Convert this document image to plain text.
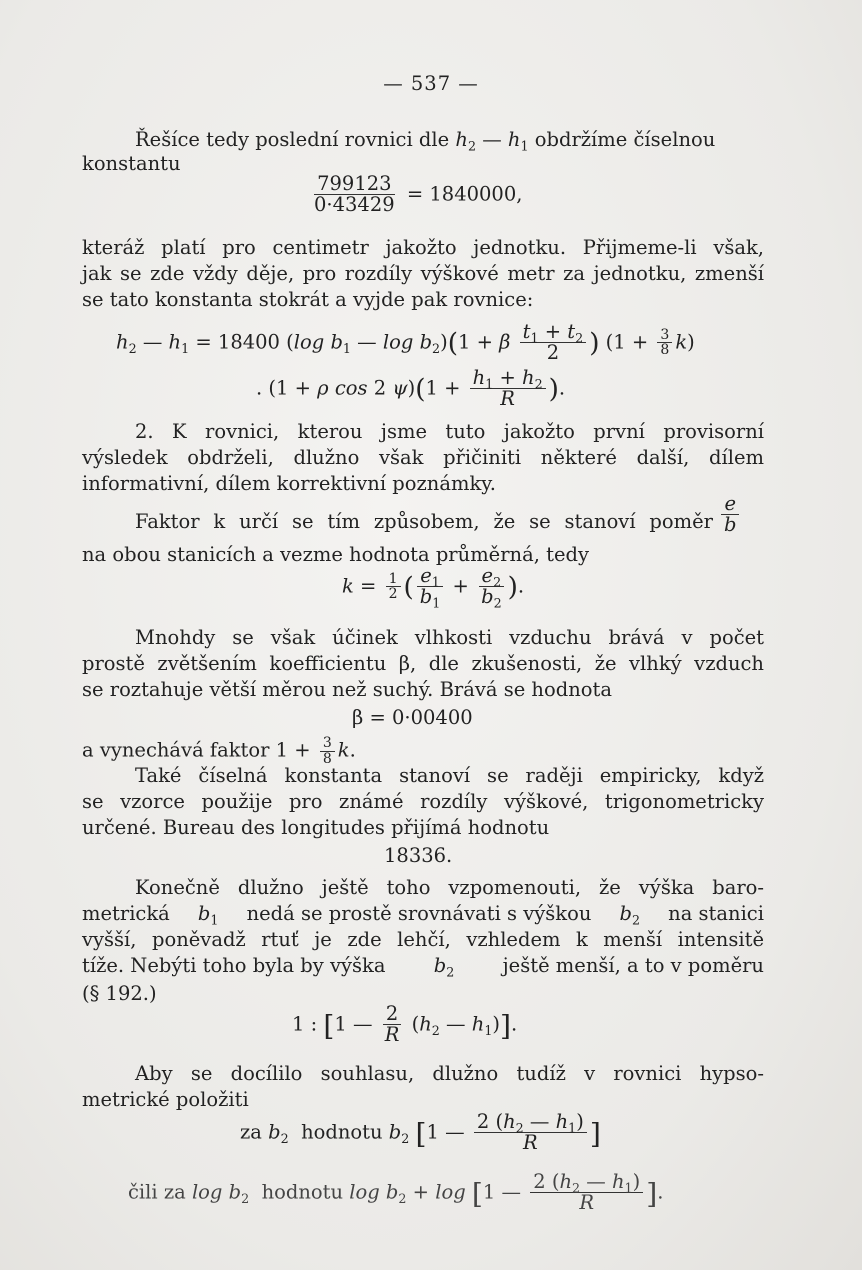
— 537 —
Řešíce tedy poslední rovnici dle $h_2$ — $h_1$ obdržíme číselnou
konstantu
$\frac{799123}{0\cdot 43429} = 1840000$,
kteráž platí pro centimetr jakožto jednotku. Přijmeme-li však,
jak se zde vždy děje, pro rozdíly výškové metr za jednotku, zmenší
se tato konstanta stokrát a vyjde pak rovnice:
$h_2$ — $h_1 = 18400$ (log $b_1$ — $\log b_2)(1 + \beta \frac{t_1 + t_2}{2}$ ) $(1 + \frac{3}{8} k)$
. (1 + ρ cos 2 $\psi)(1 + \frac{h_1 + h_2}{R}$ ).
2. K rovnici, kterou jsme tuto jakožto první provisorní
výsledek obdrželi, dlužno však přičiniti některé další, dílem
informativní, dílem korrektivní poznámky.
Faktor k určí se tím způsobem, že se stanoví poměr $\frac{e}{b}$
na obou stanicích a vezme hodnota průměrná, tedy
$k = \frac{1}{2}$ ( $\frac{e_1}{b_1} + \frac{e_2}{b_2}$ ).
Mnohdy se však účinek vlhkosti vzduchu brává v počet
prostě zvětšením koefficientu β, dle zkušenosti, že vlhký vzduch
se roztahuje větší měrou než suchý. Brává se hodnota
β = 0·00400
a vynechává faktor $1 + \frac{3}{8} k$.
Také číselná konstanta stanoví se raději empiricky, když
se vzorce použije pro známé rozdíly výškové, trigonometricky
určené. Bureau des longitudes přijímá hodnotu
18336.
Konečně dlužno ještě toho vzpomenouti, že výška baro-
metrická $b_1$ nedá se prostě srovnávati s výškou $b_2$ na stanici
vyšší, poněvadž rtuť je zde lehčí, vzhledem k menší intensitě
tíže. Nebýti toho byla by výška $b_2$ ještě menší, a to v poměru
(§ 192.)
1 : [1 — $\frac{2}{R} (h_2$ — $h_1$)].
Aby se docílilo souhlasu, dlužno tudíž v rovnici hypso-
metrické položiti
za $b_2$ hodnotu $b_2$ [1 — $\frac{2 (h_2 — h_1)}{R}$ ]
čili za $\log b_2$ hodnotu $\log b_2 + \log [1$ — $\frac{2 (h_2 — h_1)}{R}$ ].
